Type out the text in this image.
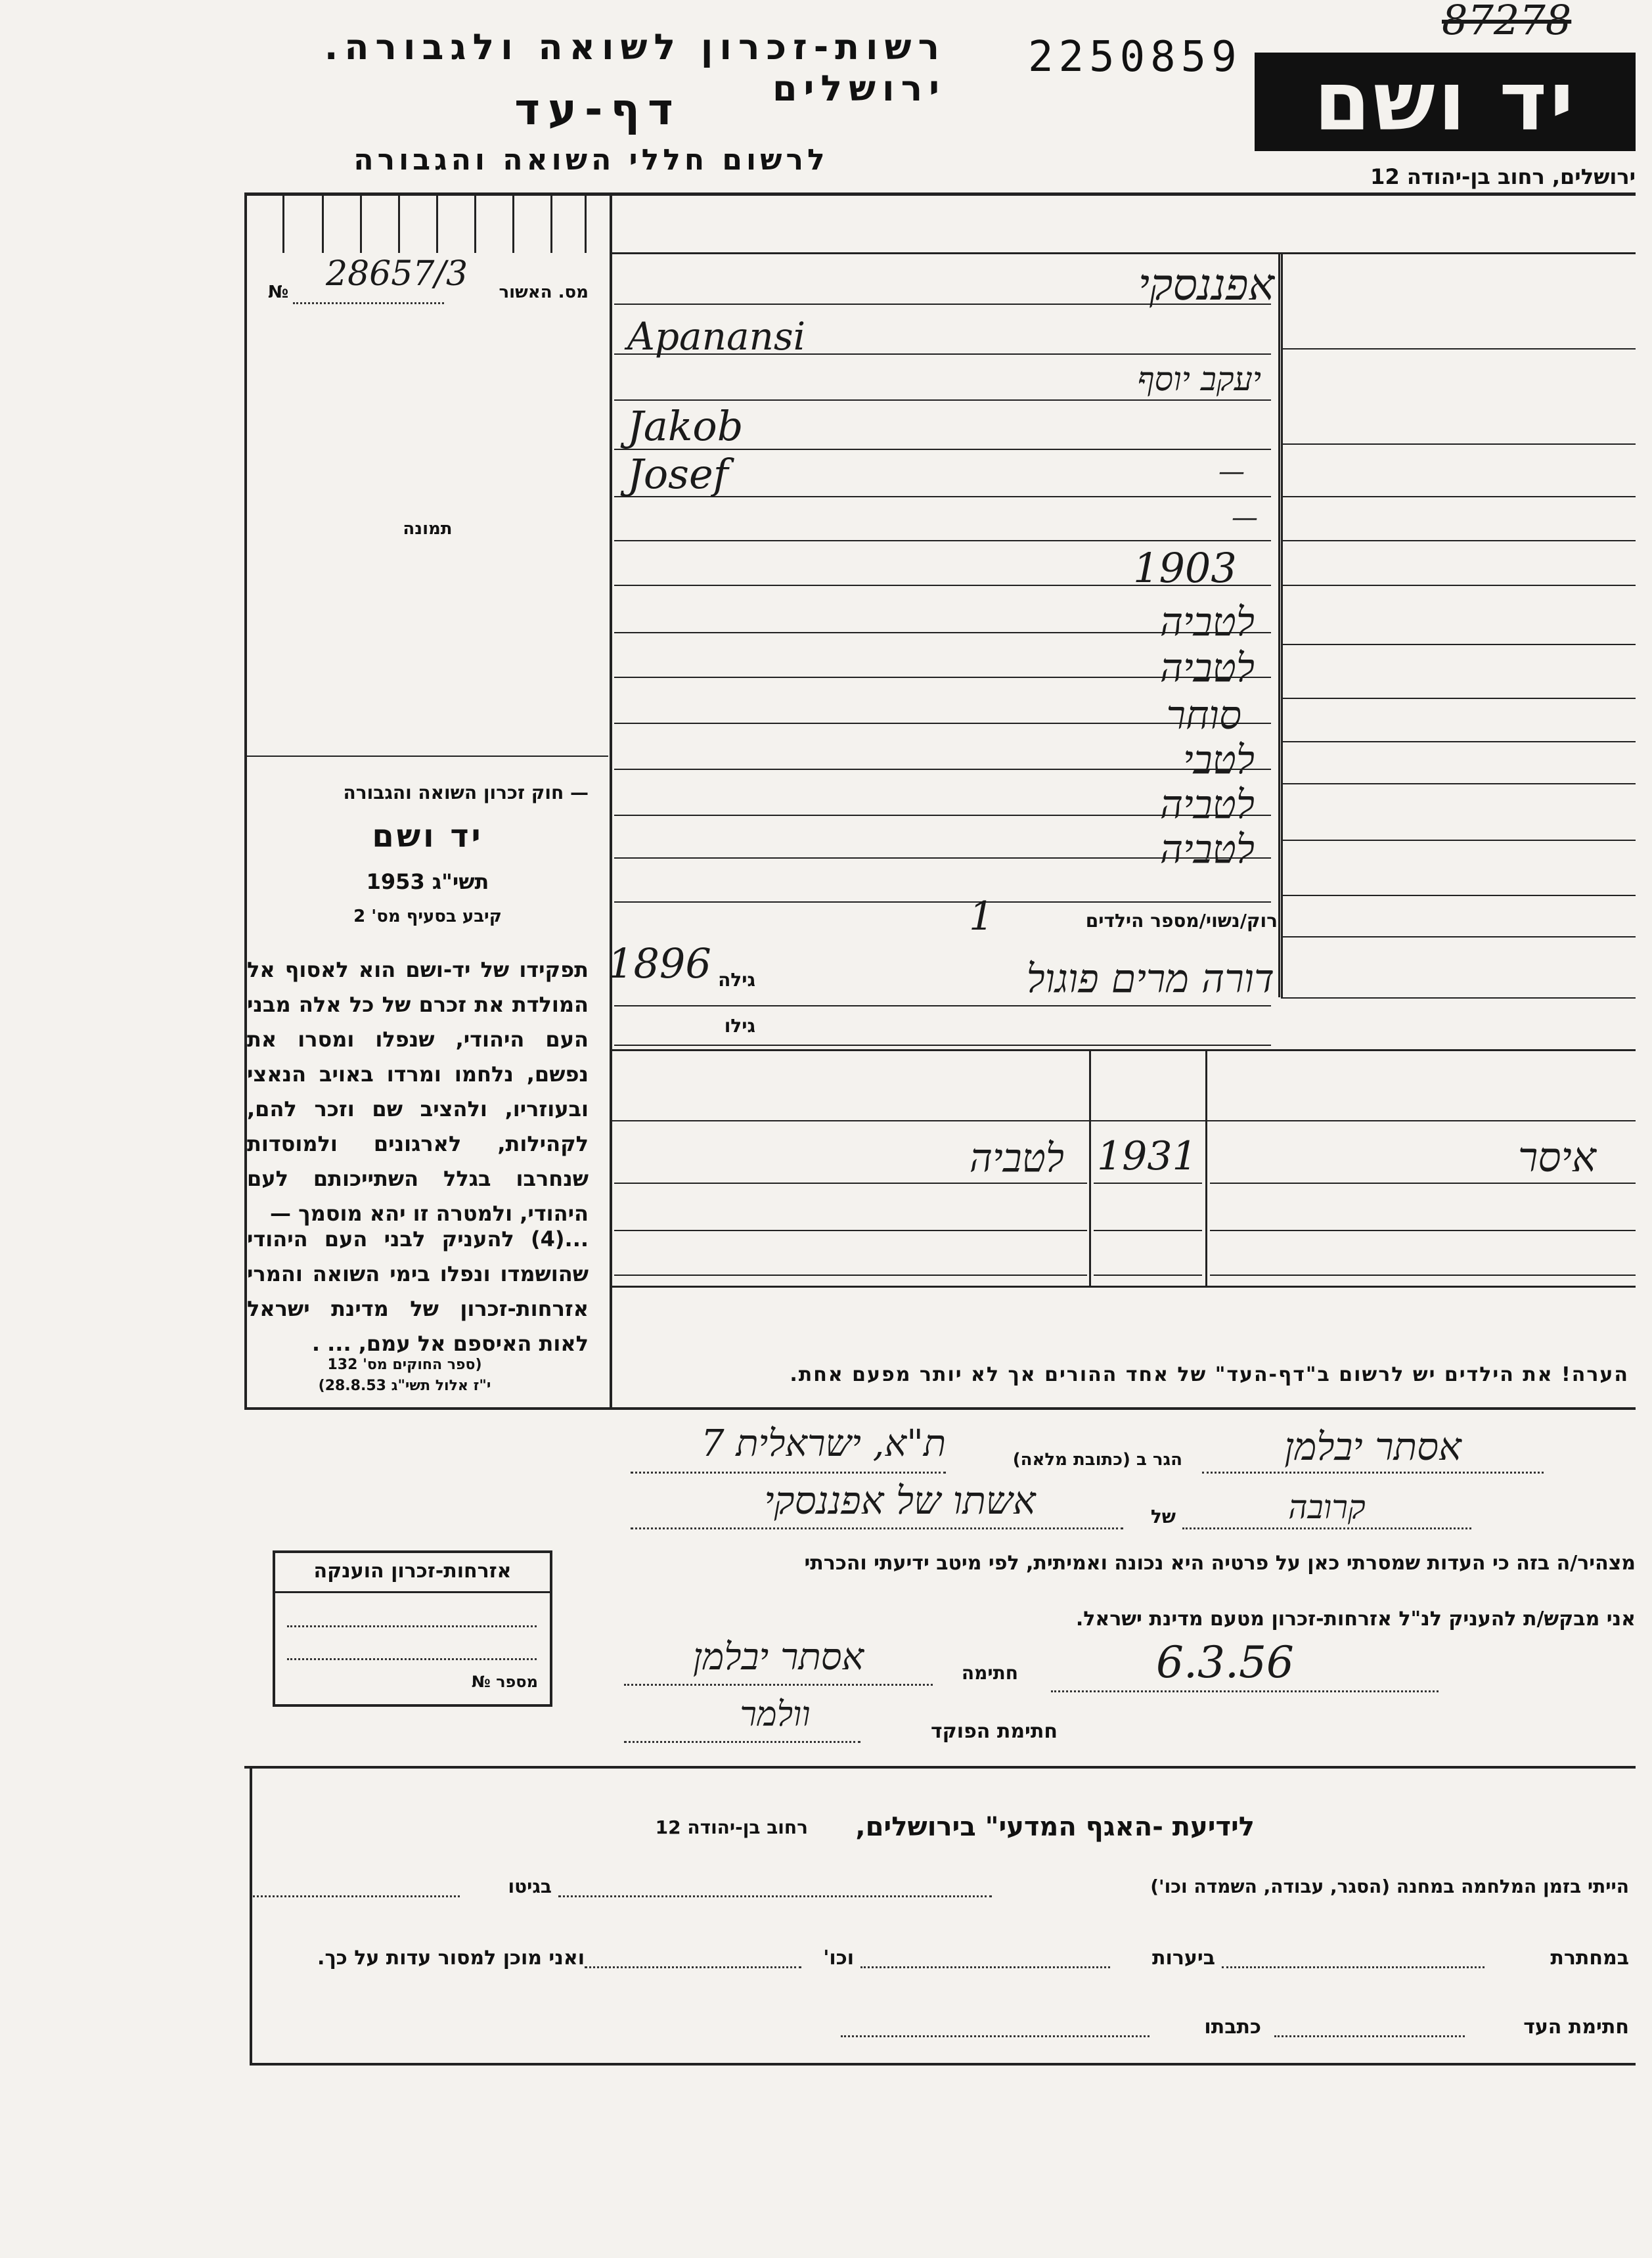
רשות-זכרון לשואה ולגבורה. ירושלים
2250859
87278
יד ושם
דף-עד
לרשום חללי השואה והגבורה	ירושלים, רחוב בן-יהודה 12
מס. האשור
№ 28657/3
תמונה
— חוק זכרון השואה והגבורה
יד ושם
תשי"ג 1953
קיבע בסעיף מס' 2
תפקידו של יד-ושם הוא לאסוף אל המולדת את זכרם של כל אלה מבני העם היהודי, שנפלו ומסרו את נפשם, נלחמו ומרדו באויב הנאצי ובעוזריו, ולהציב שם וזכר להם, לקהילות, לארגונים ולמוסדות שנחרבו בגלל השתייכותם לעם היהודי, ולמטרה זו יהא מוסמך —
...(4) להעניק לבני העם היהודי שהושמדו ונפלו בימי השואה והמרי אזרחות-זכרון של מדינת ישראל לאות האיספם אל עמם, ... .
(ספר החוקים מס' 132
י"ז אלול תשי"ג 28.8.53)
אפננסקי
Apanansi
יעקב יוסף
Jakob Josef	—
—
1903
לטביה
לטביה
סוחר
לטבי
לטביה
לטביה
רוק/נשוי/מספר הילדים
1
דורה מרים פוגול
גילה
1896
גילו
איסר
1931
לטביה
הערה! את הילדים יש לרשום ב"דף-העד" של אחד ההורים אך לא יותר מפעם אחת.
אסתר יבלמן
הגר ב (כתובת מלאה)
ת"א, ישראלית 7
קרובה
של
אשתו של אפננסקי
מצהיר/ה בזה כי העדות שמסרתי כאן על פרטיה היא נכונה ואמיתית, לפי מיטב ידיעתי והכרתי
אני מבקש/ת להעניק לנ"ל אזרחות-זכרון מטעם מדינת ישראל.
6.3.56
חתימה
אסתר יבלמן
חתימת הפוקד
וולמר
אזרחות-זכרון הוענקה
מספר №
לידיעת -האגף המדעי" בירושלים,
רחוב בן-יהודה 12
הייתי בזמן המלחמה במחנה (הסגר, עבודה, השמדה וכו')
בגיטו
במחתרת
ביערות
וכו'
ואני מוכן למסור עדות על כך.
חתימת העד
כתבתו
